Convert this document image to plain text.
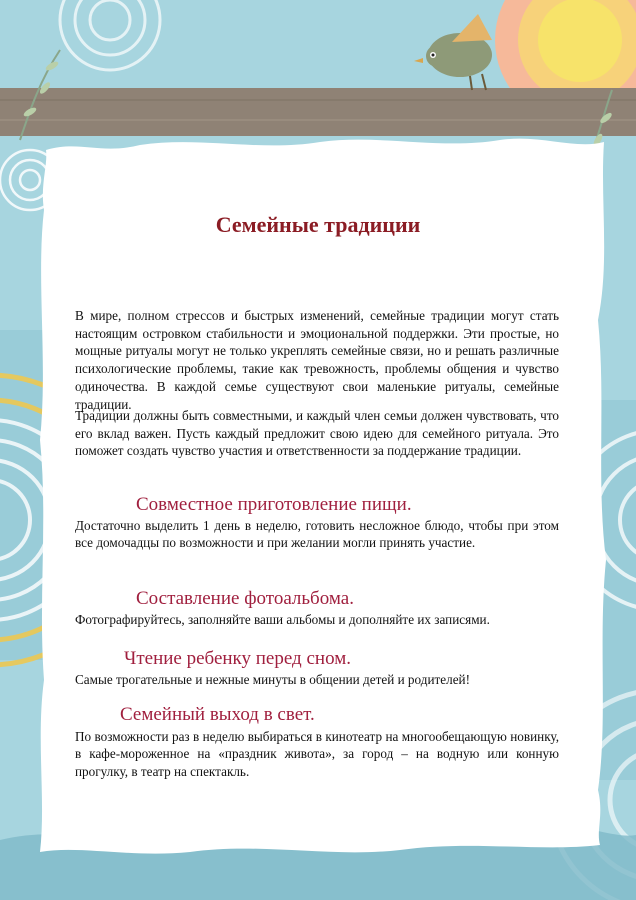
Семейные традиции

В мире, полном стрессов и быстрых изменений, семейные традиции могут стать настоящим островком стабильности и эмоциональной поддержки. Эти простые, но мощные ритуалы могут не только укреплять семейные связи, но и решать различные психологические проблемы, такие как тревожность, проблемы общения и чувство одиночества. В каждой семье существуют свои маленькие ритуалы, семейные традиции.

Традиции должны быть совместными, и каждый член семьи должен чувствовать, что его вклад важен. Пусть каждый предложит свою идею для семейного ритуала. Это поможет создать чувство участия и ответственности за поддержание традиции.

Совместное приготовление пищи.

Достаточно выделить 1 день в неделю, готовить несложное блюдо, чтобы при этом все домочадцы по возможности и при желании могли принять участие.

Составление фотоальбома.

Фотографируйтесь, заполняйте ваши альбомы и дополняйте их записями.

Чтение ребенку перед сном.

Самые трогательные и нежные минуты в общении детей и родителей!

Семейный выход в свет.

По возможности раз в неделю выбираться в кинотеатр на многообещающую новинку, в кафе-мороженное на «праздник живота», за город – на водную или конную прогулку, в театр на спектакль.
